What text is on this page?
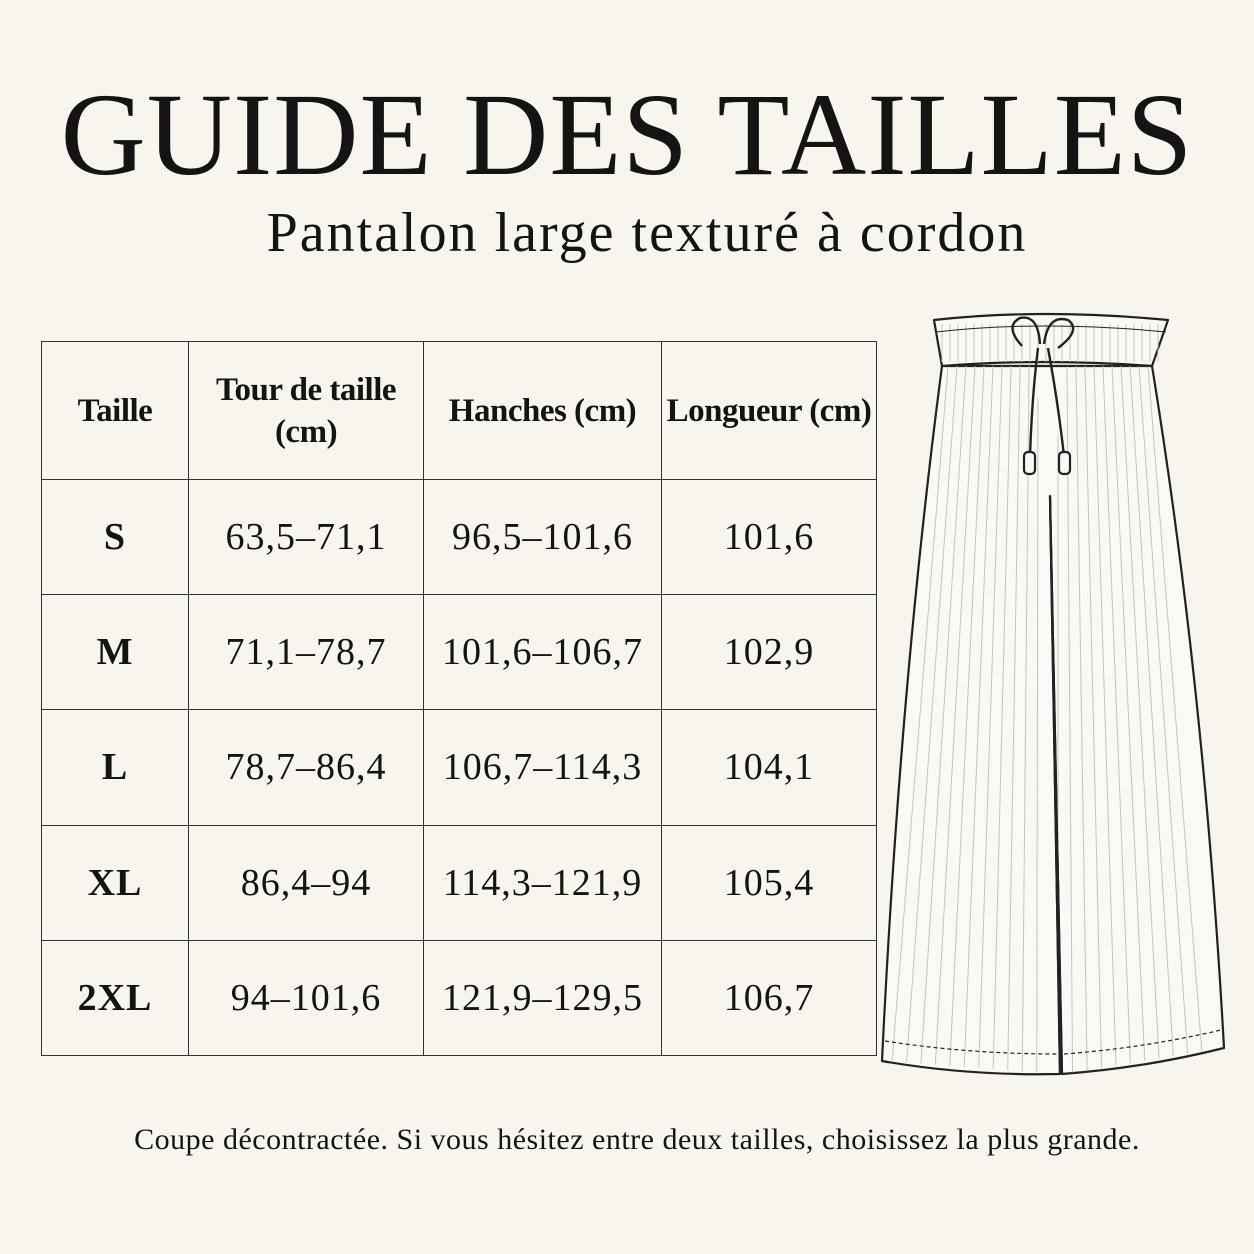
GUIDE DES TAILLES
Pantalon large texturé à cordon
Taille	Tour de taille (cm)	Hanches (cm)	Longueur (cm)
S	63,5–71,1	96,5–101,6	101,6
M	71,1–78,7	101,6–106,7	102,9
L	78,7–86,4	106,7–114,3	104,1
XL	86,4–94	114,3–121,9	105,4
2XL	94–101,6	121,9–129,5	106,7
Coupe décontractée. Si vous hésitez entre deux tailles, choisissez la plus grande.
